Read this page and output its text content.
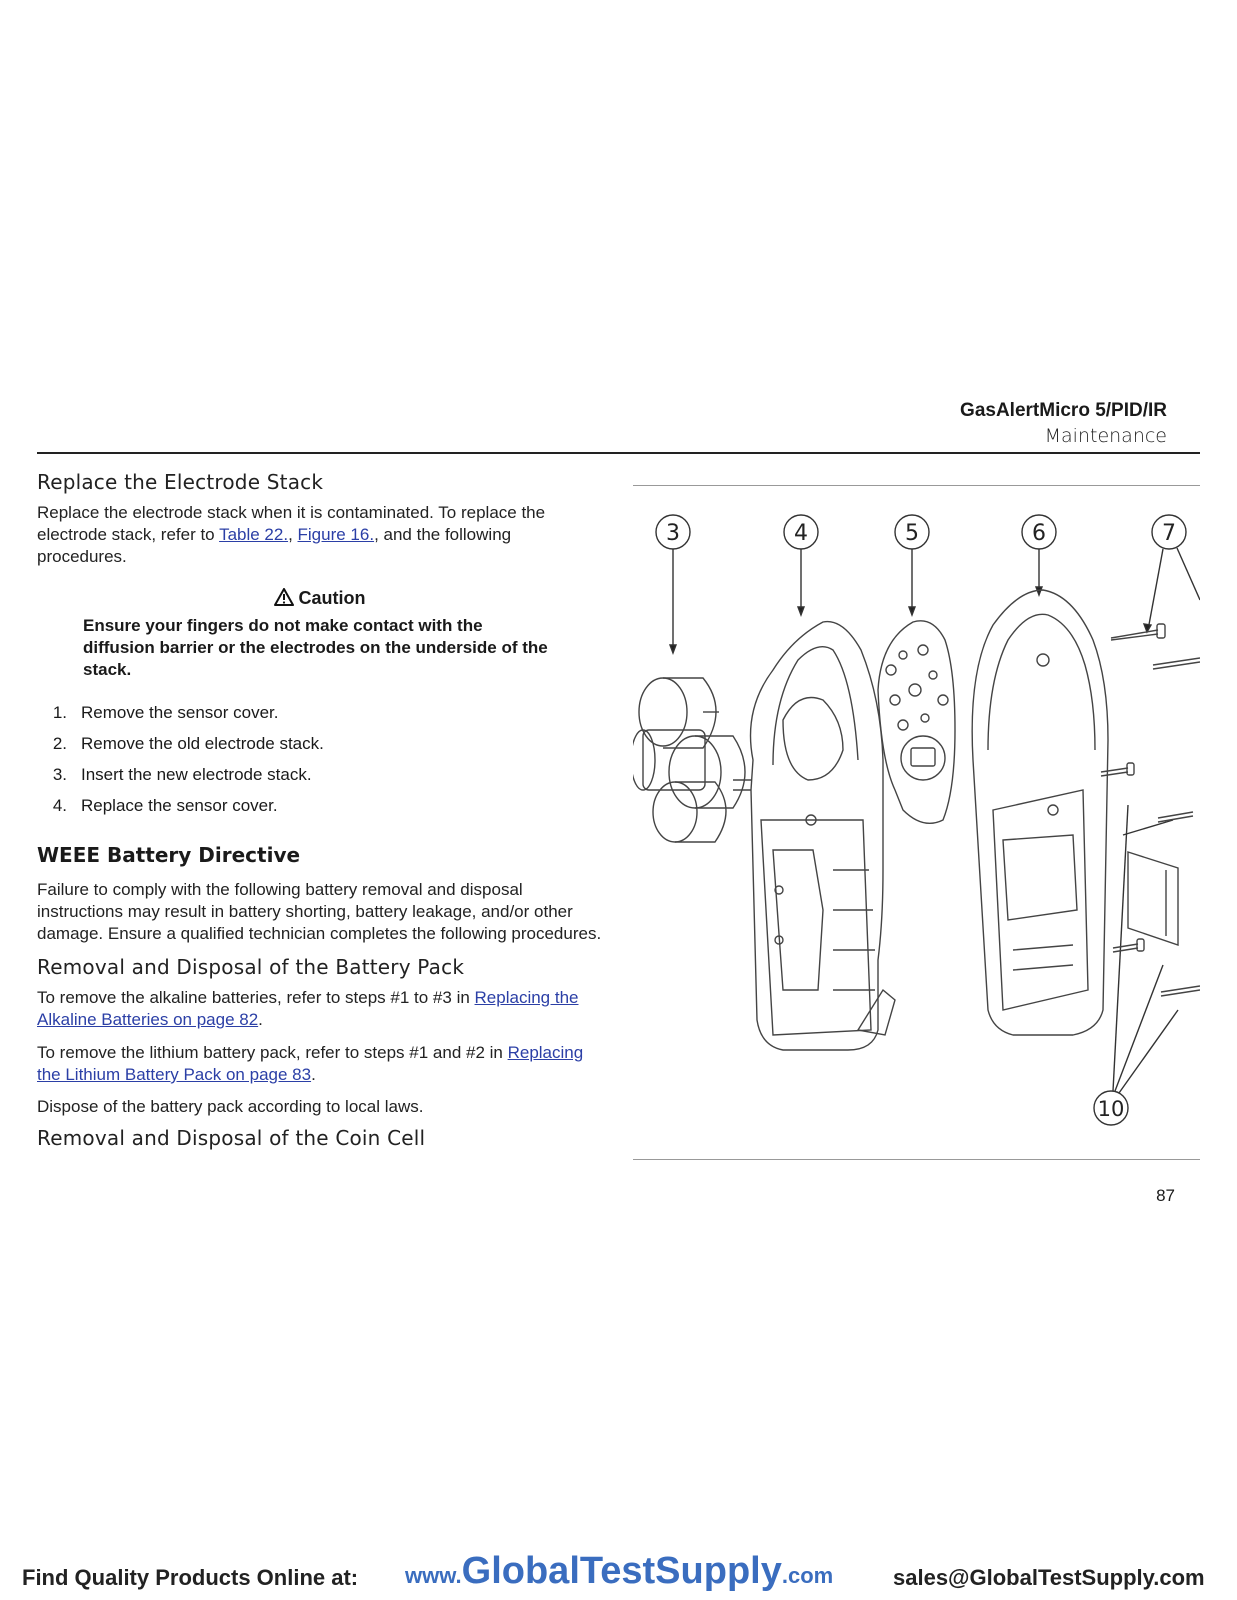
GasAlertMicro 5/PID/IR
Maintenance
Replace the Electrode Stack

Replace the electrode stack when it is contaminated. To replace the electrode stack, refer to Table 22., Figure 16., and the following procedures.

Caution
Ensure your fingers do not make contact with the diffusion barrier or the electrodes on the underside of the stack.
1. Remove the sensor cover.
2. Remove the old electrode stack.
3. Insert the new electrode stack.
4. Replace the sensor cover.
WEEE Battery Directive

Failure to comply with the following battery removal and disposal instructions may result in battery shorting, battery leakage, and/or other damage. Ensure a qualified technician completes the following procedures.

Removal and Disposal of the Battery Pack

To remove the alkaline batteries, refer to steps #1 to #3 in Replacing the Alkaline Batteries on page 82.

To remove the lithium battery pack, refer to steps #1 and #2 in Replacing the Lithium Battery Pack on page 83.

Dispose of the battery pack according to local laws.

Removal and Disposal of the Coin Cell
3	4	5	6	7
10
87
Find Quality Products Online at: www.GlobalTestSupply.com	sales@GlobalTestSupply.com
